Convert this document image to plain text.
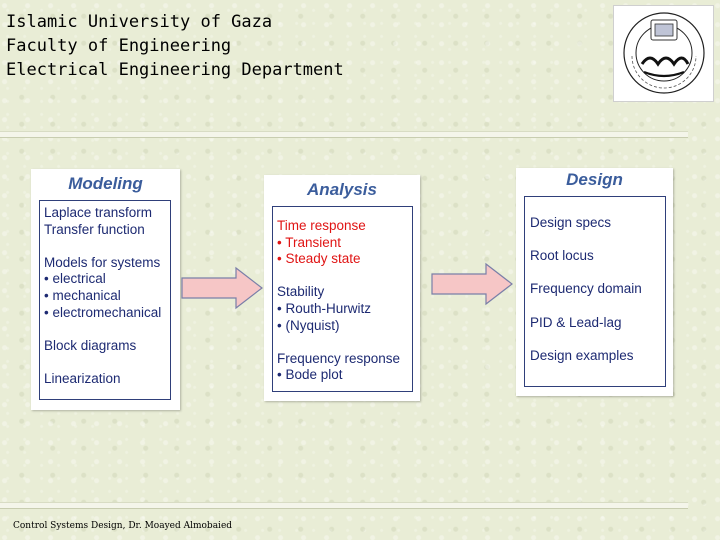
Islamic University of Gaza
Faculty of Engineering
Electrical Engineering Department
Modeling
Laplace transform
Transfer function
Models for systems
• electrical
• mechanical
• electromechanical
Block diagrams
Linearization
Analysis
Time response
• Transient
• Steady state
Stability
• Routh-Hurwitz
• (Nyquist)
Frequency response
• Bode plot
Design
Design specs
Root locus
Frequency domain
PID & Lead-lag
Design examples
Control Systems Design, Dr. Moayed Almobaied
